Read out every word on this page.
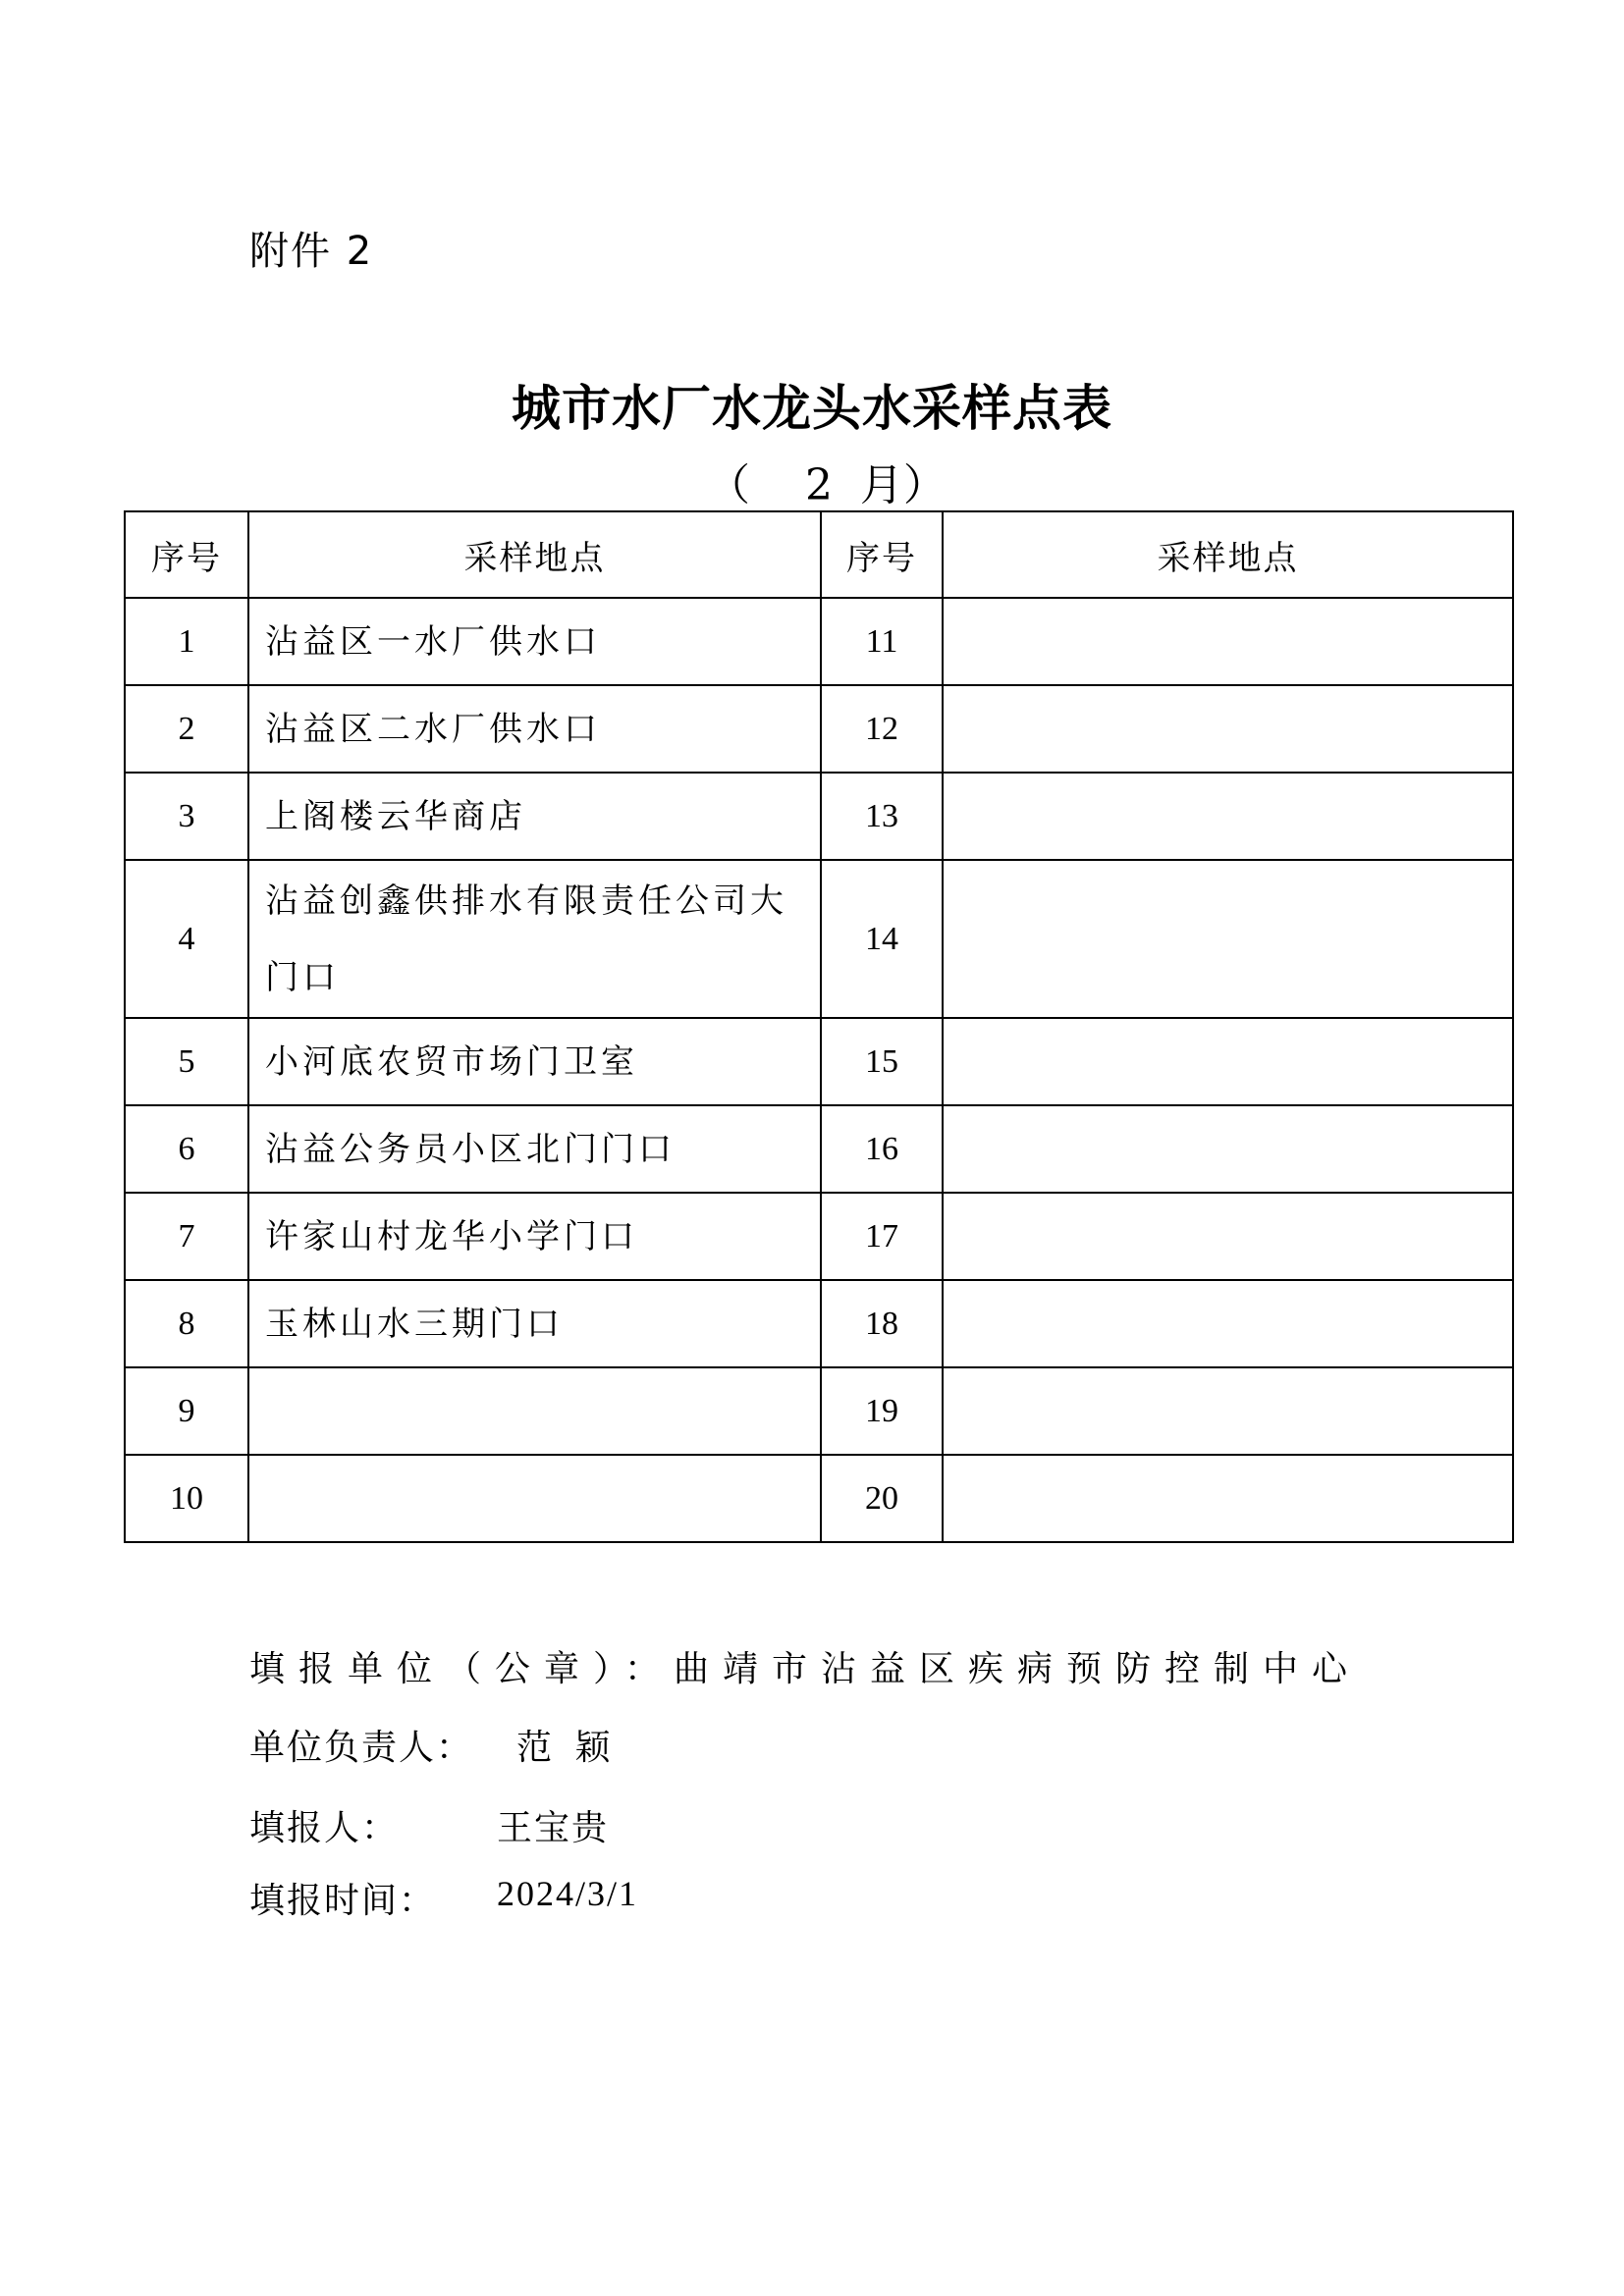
附件 2
城市水厂水龙头水采样点表
（    2  月）
序号	采样地点	序号	采样地点
1	沾益区一水厂供水口	11	
2	沾益区二水厂供水口	12	
3	上阁楼云华商店	13	
4	沾益创鑫供排水有限责任公司大门口	14	
5	小河底农贸市场门卫室	15	
6	沾益公务员小区北门门口	16	
7	许家山村龙华小学门口	17	
8	玉林山水三期门口	18	
9		19	
10		20	
填报单位（公章）：曲靖市沾益区疾病预防控制中心
单位负责人： 范 颖
填报人：	王宝贵
填报时间： 2024/3/1
